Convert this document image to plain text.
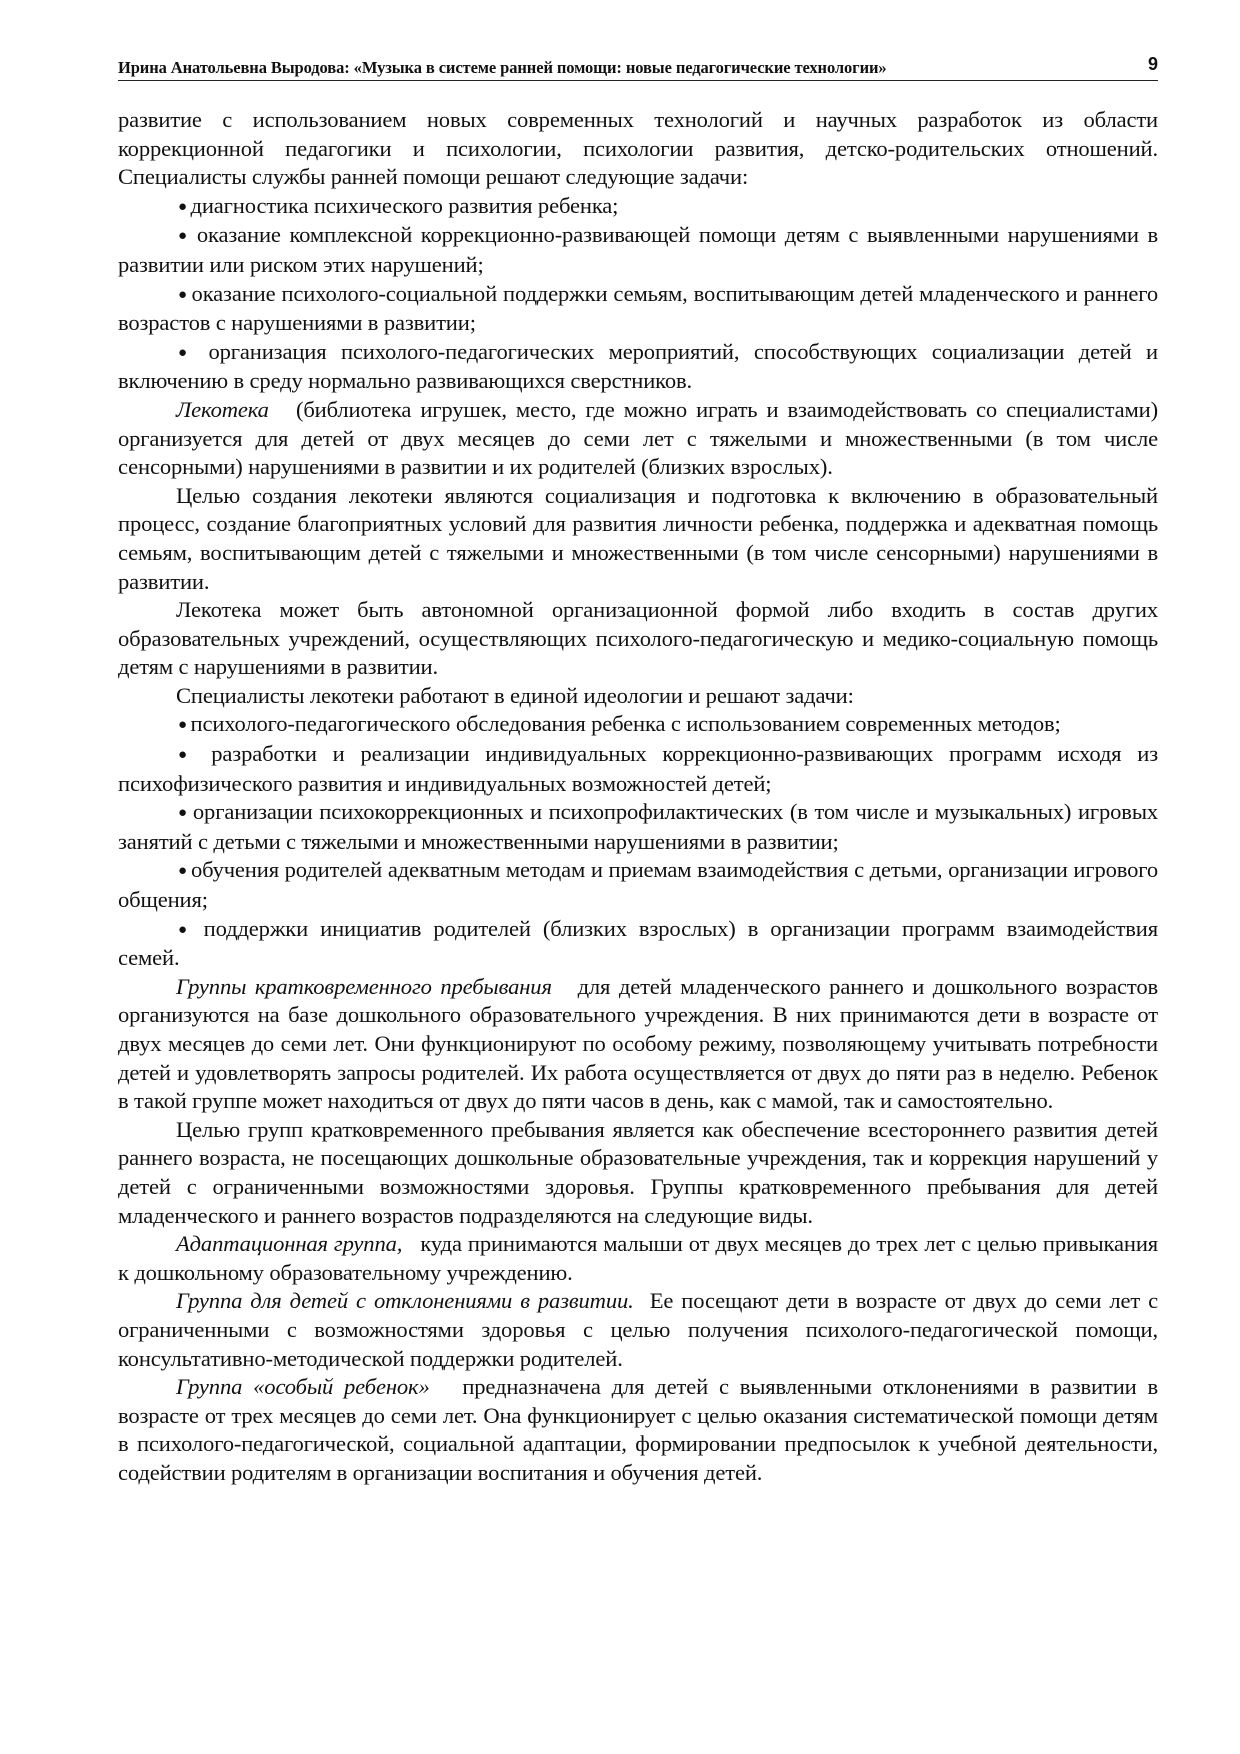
Ирина Анатольевна Выродова: «Музыка в системе ранней помощи: новые педагогические технологии»	9

развитие с использованием новых современных технологий и научных разработок из области коррекционной педагогики и психологии, психологии развития, детско-родительских отношений. Специалисты службы ранней помощи решают следующие задачи:

● диагностика психического развития ребенка;

● оказание комплексной коррекционно-развивающей помощи детям с выявленными нарушениями в развитии или риском этих нарушений;

● оказание психолого-социальной поддержки семьям, воспитывающим детей младенческого и раннего возрастов с нарушениями в развитии;

● организация психолого-педагогических мероприятий, способствующих социализации детей и включению в среду нормально развивающихся сверстников.

Лекотека (библиотека игрушек, место, где можно играть и взаимодействовать со специалистами) организуется для детей от двух месяцев до семи лет с тяжелыми и множественными (в том числе сенсорными) нарушениями в развитии и их родителей (близких взрослых).

Целью создания лекотеки являются социализация и подготовка к включению в образовательный процесс, создание благоприятных условий для развития личности ребенка, поддержка и адекватная помощь семьям, воспитывающим детей с тяжелыми и множественными (в том числе сенсорными) нарушениями в развитии.

Лекотека может быть автономной организационной формой либо входить в состав других образовательных учреждений, осуществляющих психолого-педагогическую и медико-социальную помощь детям с нарушениями в развитии.

Специалисты лекотеки работают в единой идеологии и решают задачи:

● психолого-педагогического обследования ребенка с использованием современных методов;

● разработки и реализации индивидуальных коррекционно-развивающих программ исходя из психофизического развития и индивидуальных возможностей детей;

● организации психокоррекционных и психопрофилактических (в том числе и музыкальных) игровых занятий с детьми с тяжелыми и множественными нарушениями в развитии;

● обучения родителей адекватным методам и приемам взаимодействия с детьми, организации игрового общения;

● поддержки инициатив родителей (близких взрослых) в организации программ взаимодействия семей.

Группы кратковременного пребывания для детей младенческого раннего и дошкольного возрастов организуются на базе дошкольного образовательного учреждения. В них принимаются дети в возрасте от двух месяцев до семи лет. Они функционируют по особому режиму, позволяющему учитывать потребности детей и удовлетворять запросы родителей. Их работа осуществляется от двух до пяти раз в неделю. Ребенок в такой группе может находиться от двух до пяти часов в день, как с мамой, так и самостоятельно.

Целью групп кратковременного пребывания является как обеспечение всестороннего развития детей раннего возраста, не посещающих дошкольные образовательные учреждения, так и коррекция нарушений у детей с ограниченными возможностями здоровья. Группы кратковременного пребывания для детей младенческого и раннего возрастов подразделяются на следующие виды.

Адаптационная группа, куда принимаются малыши от двух месяцев до трех лет с целью привыкания к дошкольному образовательному учреждению.

Группа для детей с отклонениями в развитии. Ее посещают дети в возрасте от двух до семи лет с ограниченными с возможностями здоровья с целью получения психолого-педагогической помощи, консультативно-методической поддержки родителей.

Группа «особый ребенок» предназначена для детей с выявленными отклонениями в развитии в возрасте от трех месяцев до семи лет. Она функционирует с целью оказания систематической помощи детям в психолого-педагогической, социальной адаптации, формировании предпосылок к учебной деятельности, содействии родителям в организации воспитания и обучения детей.
